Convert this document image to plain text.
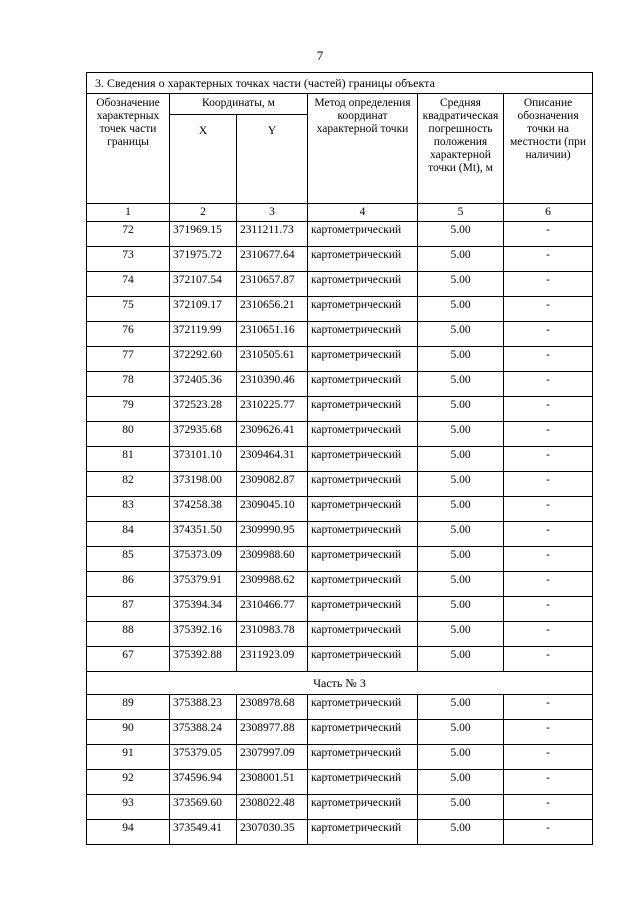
7
3. Сведения о характерных точках части (частей) границы объекта					
Обозначение характерных точек части границы	Координаты, м		Метод определения координат характерной точки	Средняя квадратическая погрешность положения характерной точки (Mt), м	Описание обозначения точки на местности (при наличии)
	X	Y			
1	2	3	4	5	6
72	371969.15	2311211.73	картометрический	5.00	-
73	371975.72	2310677.64	картометрический	5.00	-
74	372107.54	2310657.87	картометрический	5.00	-
75	372109.17	2310656.21	картометрический	5.00	-
76	372119.99	2310651.16	картометрический	5.00	-
77	372292.60	2310505.61	картометрический	5.00	-
78	372405.36	2310390.46	картометрический	5.00	-
79	372523.28	2310225.77	картометрический	5.00	-
80	372935.68	2309626.41	картометрический	5.00	-
81	373101.10	2309464.31	картометрический	5.00	-
82	373198.00	2309082.87	картометрический	5.00	-
83	374258.38	2309045.10	картометрический	5.00	-
84	374351.50	2309990.95	картометрический	5.00	-
85	375373.09	2309988.60	картометрический	5.00	-
86	375379.91	2309988.62	картометрический	5.00	-
87	375394.34	2310466.77	картометрический	5.00	-
88	375392.16	2310983.78	картометрический	5.00	-
67	375392.88	2311923.09	картометрический	5.00	-
Часть № 3					
89	375388.23	2308978.68	картометрический	5.00	-
90	375388.24	2308977.88	картометрический	5.00	-
91	375379.05	2307997.09	картометрический	5.00	-
92	374596.94	2308001.51	картометрический	5.00	-
93	373569.60	2308022.48	картометрический	5.00	-
94	373549.41	2307030.35	картометрический	5.00	-
